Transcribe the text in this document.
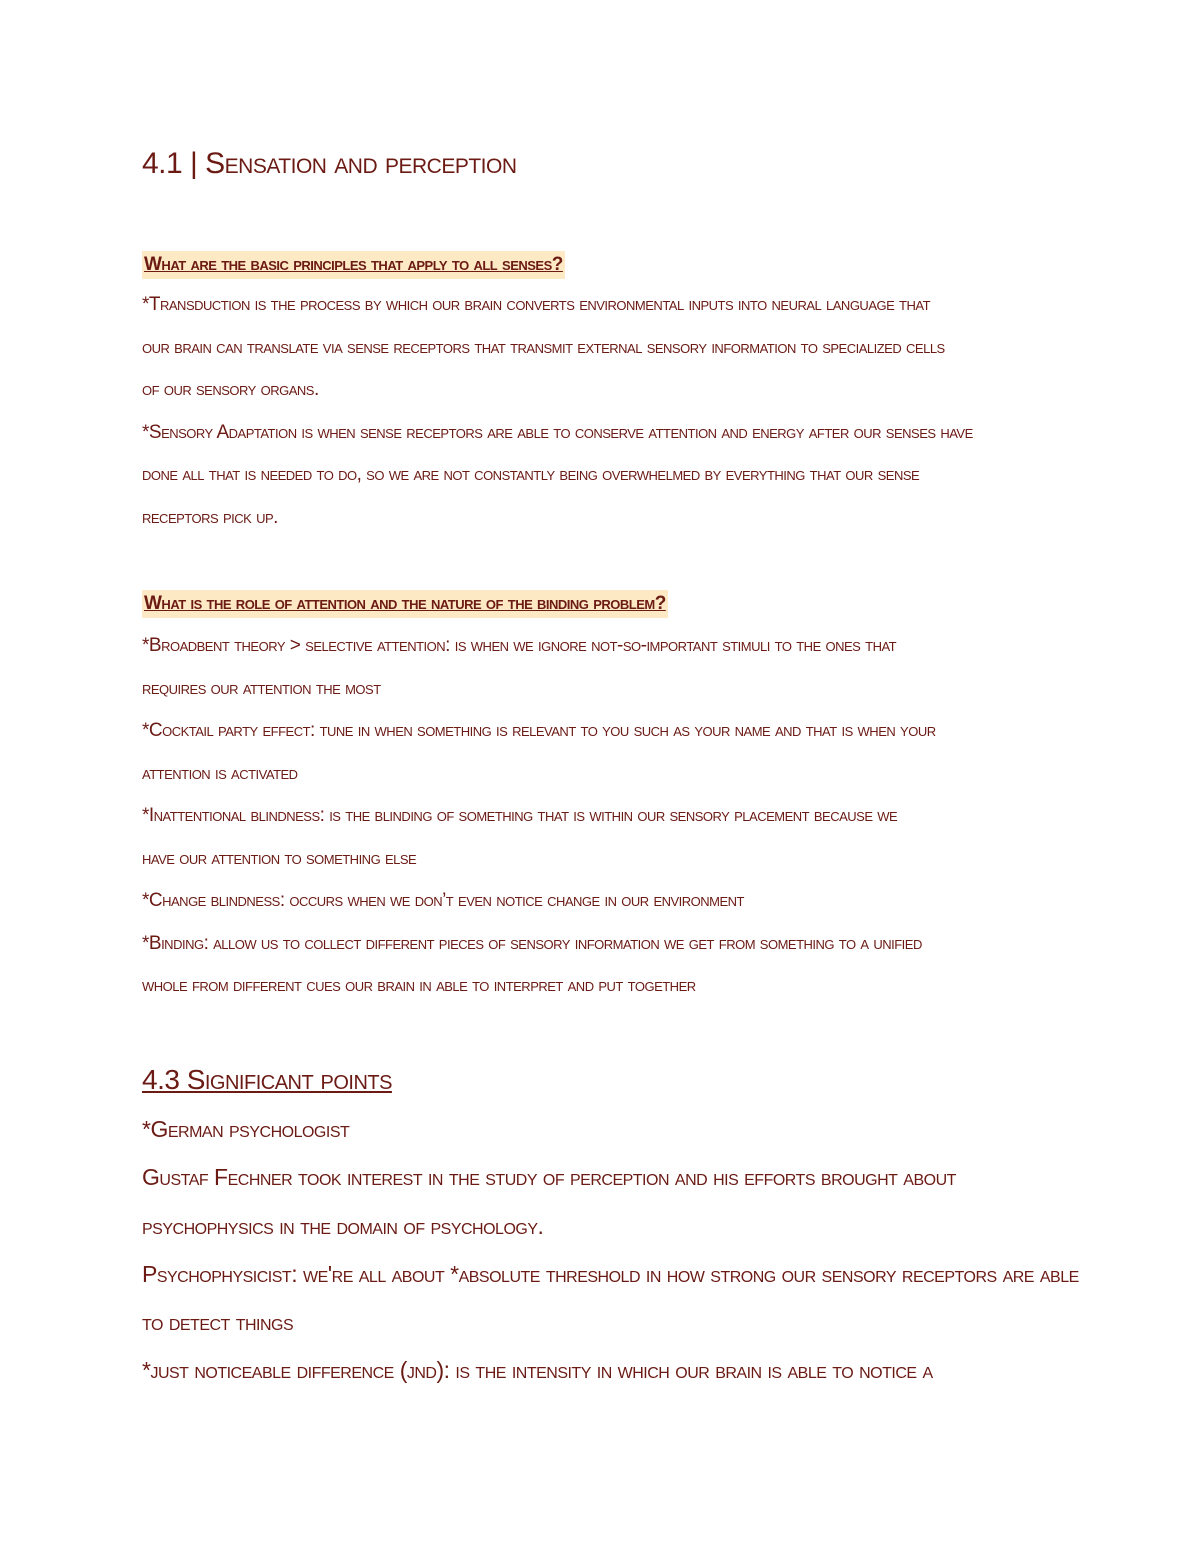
4.1 | Sensation and perception
What are the basic principles that apply to all senses?
*Transduction is the process by which our brain converts environmental inputs into neural language that
our brain can translate via sense receptors that transmit external sensory information to specialized cells
of our sensory organs.
*Sensory Adaptation is when sense receptors are able to conserve attention and energy after our senses have
done all that is needed to do, so we are not constantly being overwhelmed by everything that our sense
receptors pick up.
What is the role of attention and the nature of the binding problem?
*Broadbent theory > selective attention: is when we ignore not-so-important stimuli to the ones that
requires our attention the most
*Cocktail party effect: tune in when something is relevant to you such as your name and that is when your
attention is activated
*Inattentional blindness: is the blinding of something that is within our sensory placement because we
have our attention to something else
*Change blindness: occurs when we don’t even notice change in our environment
*Binding: allow us to collect different pieces of sensory information we get from something to a unified
whole from different cues our brain in able to interpret and put together
4.3 Significant points
*German psychologist
Gustaf Fechner took interest in the study of perception and his efforts brought about
psychophysics in the domain of psychology.
Psychophysicist: we're all about *absolute threshold in how strong our sensory receptors are able
to detect things
*just noticeable difference (jnd): is the intensity in which our brain is able to notice a
